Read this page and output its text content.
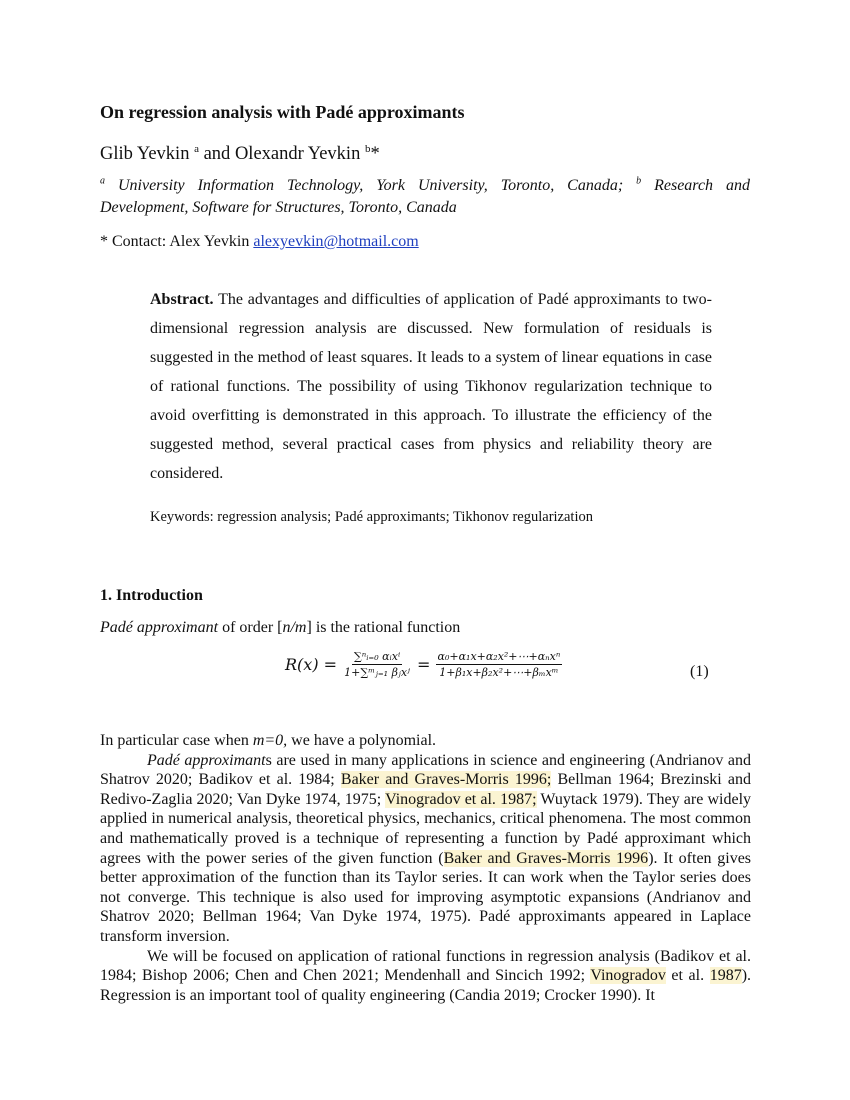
On regression analysis with Padé approximants
Glib Yevkin $^a$ and Olexandr Yevkin $^b$*
$^a$ University Information Technology, York University, Toronto, Canada; $^b$ Research and Development, Software for Structures, Toronto, Canada
* Contact: Alex Yevkin alexyevkin@hotmail.com
Abstract. The advantages and difficulties of application of Padé approximants to two-dimensional regression analysis are discussed. New formulation of residuals is suggested in the method of least squares. It leads to a system of linear equations in case of rational functions. The possibility of using Tikhonov regularization technique to avoid overfitting is demonstrated in this approach. To illustrate the efficiency of the suggested method, several practical cases from physics and reliability theory are considered.
Keywords: regression analysis; Padé approximants; Tikhonov regularization
1. Introduction
Padé approximant of order [n/m] is the rational function
$R(x) = \frac{\text{∑ⁿᵢ₌₀ αᵢxⁱ}}{\text{1+∑ᵐⱼ₌₁ βⱼxʲ}} = \frac{\text{α₀+α₁x+α₂x²+⋯+αₙxⁿ}}{\text{1+β₁x+β₂x²+⋯+βₘxᵐ}}$	(1)

In particular case when m=0, we have a polynomial.

Padé approximants are used in many applications in science and engineering (Andrianov and Shatrov 2020; Badikov et al. 1984; Baker and Graves-Morris 1996; Bellman 1964; Brezinski and Redivo-Zaglia 2020; Van Dyke 1974, 1975; Vinogradov et al. 1987; Wuytack 1979). They are widely applied in numerical analysis, theoretical physics, mechanics, critical phenomena. The most common and mathematically proved is a technique of representing a function by Padé approximant which agrees with the power series of the given function (Baker and Graves-Morris 1996). It often gives better approximation of the function than its Taylor series. It can work when the Taylor series does not converge. This technique is also used for improving asymptotic expansions (Andrianov and Shatrov 2020; Bellman 1964; Van Dyke 1974, 1975). Padé approximants appeared in Laplace transform inversion.

We will be focused on application of rational functions in regression analysis (Badikov et al. 1984; Bishop 2006; Chen and Chen 2021; Mendenhall and Sincich 1992; Vinogradov et al. 1987). Regression is an important tool of quality engineering (Candia 2019; Crocker 1990). It
